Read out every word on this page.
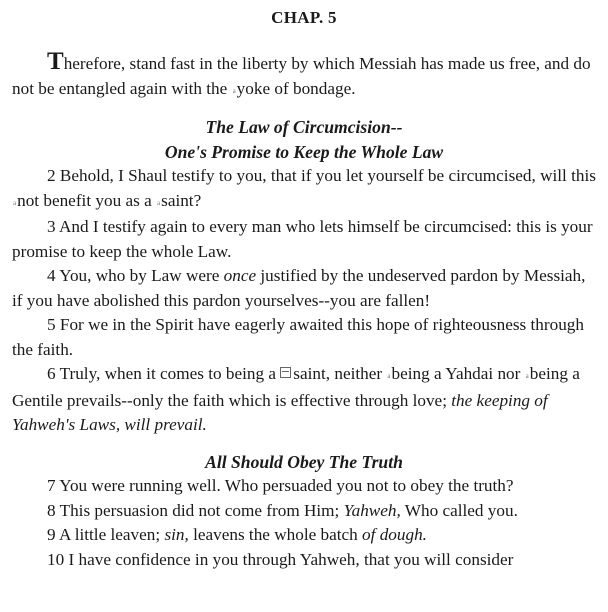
CHAP. 5

Therefore, stand fast in the liberty by which Messiah has made us free, and do not be entangled again with the ayoke of bondage.

The Law of Circumcision--
One's Promise to Keep the Whole Law

2 Behold, I Shaul testify to you, that if you let yourself be circumcised, will this anot benefit you as a asaint?

3 And I testify again to every man who lets himself be circumcised: this is your promise to keep the whole Law.

4 You, who by Law were once justified by the undeserved pardon by Messiah, if you have abolished this pardon yourselves--you are fallen!

5 For we in the Spirit have eagerly awaited this hope of righteousness through the faith.

6 Truly, when it comes to being a saint, neither abeing a Yahdai nor abeing a Gentile prevails--only the faith which is effective through love; the keeping of Yahweh's Laws, will prevail.

All Should Obey The Truth

7 You were running well. Who persuaded you not to obey the truth?

8 This persuasion did not come from Him; Yahweh, Who called you.

9 A little leaven; sin, leavens the whole batch of dough.

10 I have confidence in you through Yahweh, that you will consider
